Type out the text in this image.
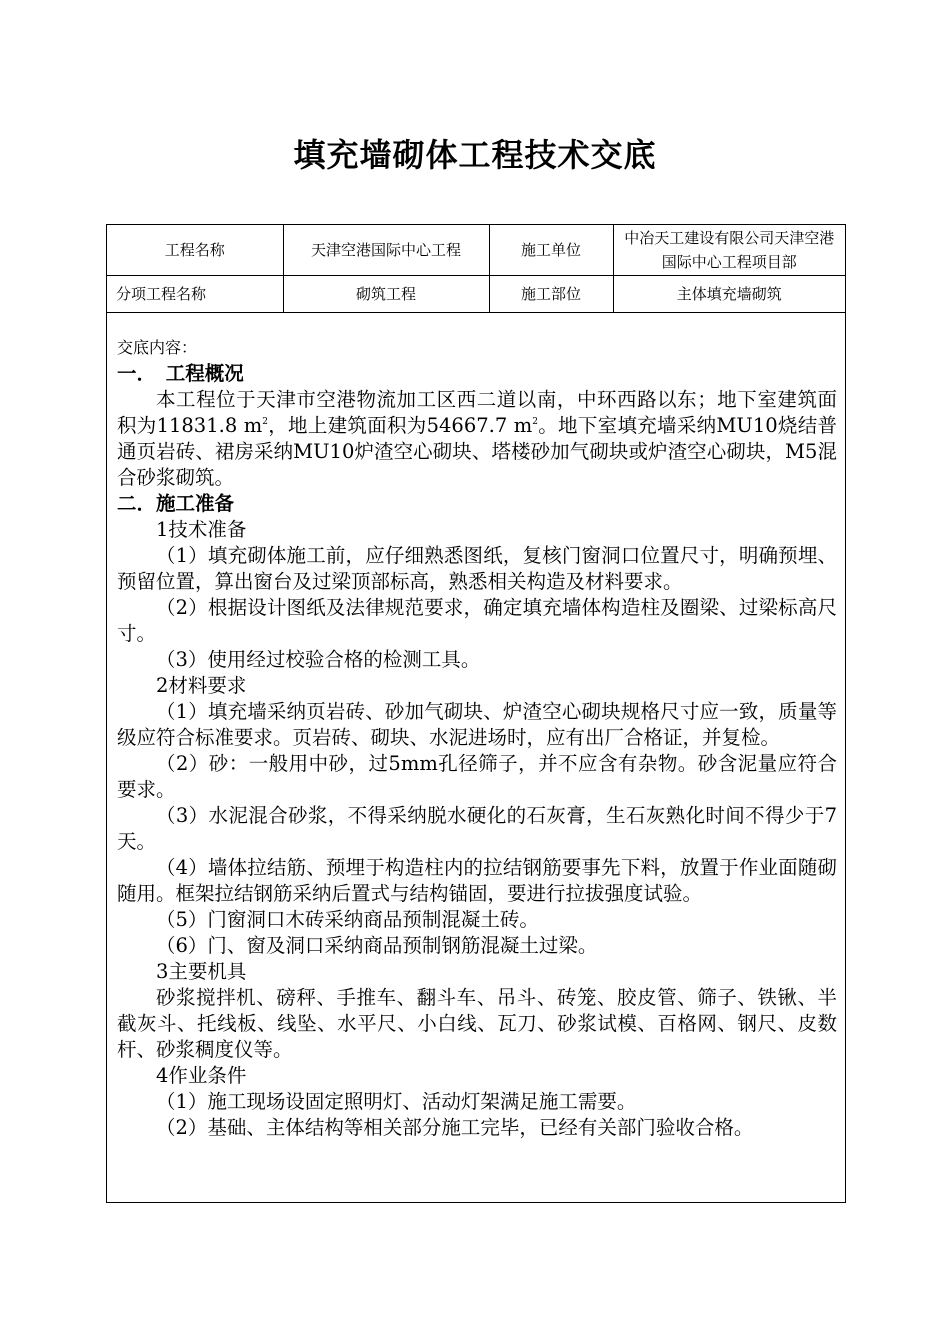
填充墙砌体工程技术交底
工程名称	天津空港国际中心工程	施工单位	中冶天工建设有限公司天津空港国际中心工程项目部
分项工程名称	砌筑工程	施工部位	主体填充墙砌筑

交底内容：

一．　工程概况

本工程位于天津市空港物流加工区西二道以南，中环西路以东；地下室建筑面积为11831.8 $m^2$，地上建筑面积为54667.7 $m^2$。地下室填充墙采纳MU10烧结普通页岩砖、裙房采纳MU10炉渣空心砌块、塔楼砂加气砌块或炉渣空心砌块，M5混合砂浆砌筑。

二．施工准备

1技术准备

（1）填充砌体施工前，应仔细熟悉图纸，复核门窗洞口位置尺寸，明确预埋、预留位置，算出窗台及过梁顶部标高，熟悉相关构造及材料要求。

（2）根据设计图纸及法律规范要求，确定填充墙体构造柱及圈梁、过梁标高尺寸。

（3）使用经过校验合格的检测工具。

2材料要求

（1）填充墙采纳页岩砖、砂加气砌块、炉渣空心砌块规格尺寸应一致，质量等级应符合标准要求。页岩砖、砌块、水泥进场时，应有出厂合格证，并复检。

（2）砂：一般用中砂，过5mm孔径筛子，并不应含有杂物。砂含泥量应符合要求。

（3）水泥混合砂浆，不得采纳脱水硬化的石灰膏，生石灰熟化时间不得少于7天。

（4）墙体拉结筋、预埋于构造柱内的拉结钢筋要事先下料，放置于作业面随砌随用。框架拉结钢筋采纳后置式与结构锚固，要进行拉拔强度试验。

（5）门窗洞口木砖采纳商品预制混凝土砖。

（6）门、窗及洞口采纳商品预制钢筋混凝土过梁。

3主要机具

砂浆搅拌机、磅秤、手推车、翻斗车、吊斗、砖笼、胶皮管、筛子、铁锹、半截灰斗、托线板、线坠、水平尺、小白线、瓦刀、砂浆试模、百格网、钢尺、皮数杆、砂浆稠度仪等。

4作业条件

（1）施工现场设固定照明灯、活动灯架满足施工需要。

（2）基础、主体结构等相关部分施工完毕，已经有关部门验收合格。
